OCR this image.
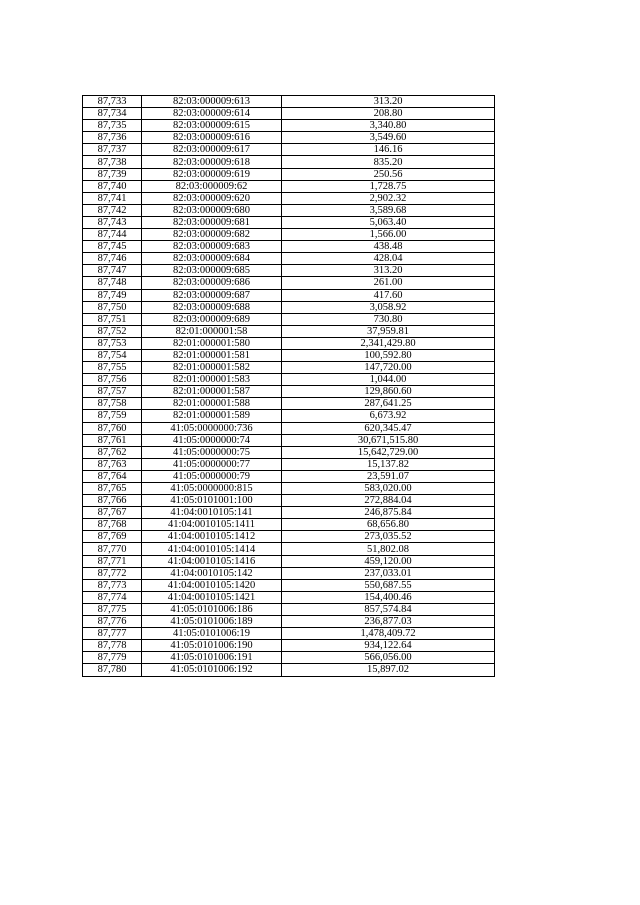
87,733	82:03:000009:613	313.20
87,734	82:03:000009:614	208.80
87,735	82:03:000009:615	3,340.80
87,736	82:03:000009:616	3,549.60
87,737	82:03:000009:617	146.16
87,738	82:03:000009:618	835.20
87,739	82:03:000009:619	250.56
87,740	82:03:000009:62	1,728.75
87,741	82:03:000009:620	2,902.32
87,742	82:03:000009:680	3,589.68
87,743	82:03:000009:681	5,063.40
87,744	82:03:000009:682	1,566.00
87,745	82:03:000009:683	438.48
87,746	82:03:000009:684	428.04
87,747	82:03:000009:685	313.20
87,748	82:03:000009:686	261.00
87,749	82:03:000009:687	417.60
87,750	82:03:000009:688	3,058.92
87,751	82:03:000009:689	730.80
87,752	82:01:000001:58	37,959.81
87,753	82:01:000001:580	2,341,429.80
87,754	82:01:000001:581	100,592.80
87,755	82:01:000001:582	147,720.00
87,756	82:01:000001:583	1,044.00
87,757	82:01:000001:587	129,860.60
87,758	82:01:000001:588	287,641.25
87,759	82:01:000001:589	6,673.92
87,760	41:05:0000000:736	620,345.47
87,761	41:05:0000000:74	30,671,515.80
87,762	41:05:0000000:75	15,642,729.00
87,763	41:05:0000000:77	15,137.82
87,764	41:05:0000000:79	23,591.07
87,765	41:05:0000000:815	583,020.00
87,766	41:05:0101001:100	272,884.04
87,767	41:04:0010105:141	246,875.84
87,768	41:04:0010105:1411	68,656.80
87,769	41:04:0010105:1412	273,035.52
87,770	41:04:0010105:1414	51,802.08
87,771	41:04:0010105:1416	459,120.00
87,772	41:04:0010105:142	237,033.01
87,773	41:04:0010105:1420	550,687.55
87,774	41:04:0010105:1421	154,400.46
87,775	41:05:0101006:186	857,574.84
87,776	41:05:0101006:189	236,877.03
87,777	41:05:0101006:19	1,478,409.72
87,778	41:05:0101006:190	934,122.64
87,779	41:05:0101006:191	566,056.00
87,780	41:05:0101006:192	15,897.02
